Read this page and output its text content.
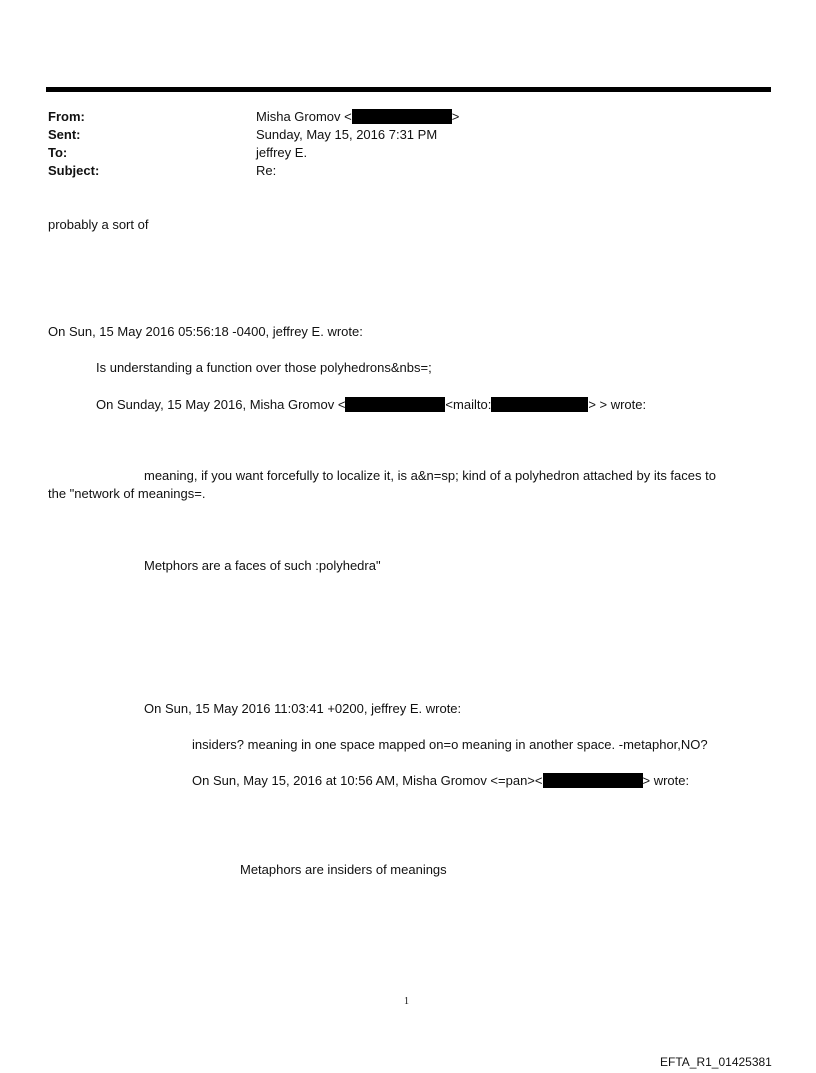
From:	Misha Gromov <	>
Sent:	Sunday, May 15, 2016 7:31 PM
To:	jeffrey E.
Subject:	Re:
probably a sort of
On Sun, 15 May 2016 05:56:18 -0400, jeffrey E. wrote:
Is understanding a function over those polyhedrons&nbs=;
On Sunday, 15 May 2016, Misha Gromov <	<mailto:	> > wrote:
meaning, if you want forcefully to localize it, is a&n=sp; kind of a polyhedron attached by its faces to
the "network of meanings=.
Metphors are a faces of such :polyhedra"
On Sun, 15 May 2016 11:03:41 +0200, jeffrey E. wrote:
insiders? meaning in one space mapped on=o meaning in another space. -metaphor,NO?
On Sun, May 15, 2016 at 10:56 AM, Misha Gromov <=pan><	> wrote:
Metaphors are insiders of meanings
1
EFTA_R1_01425381
